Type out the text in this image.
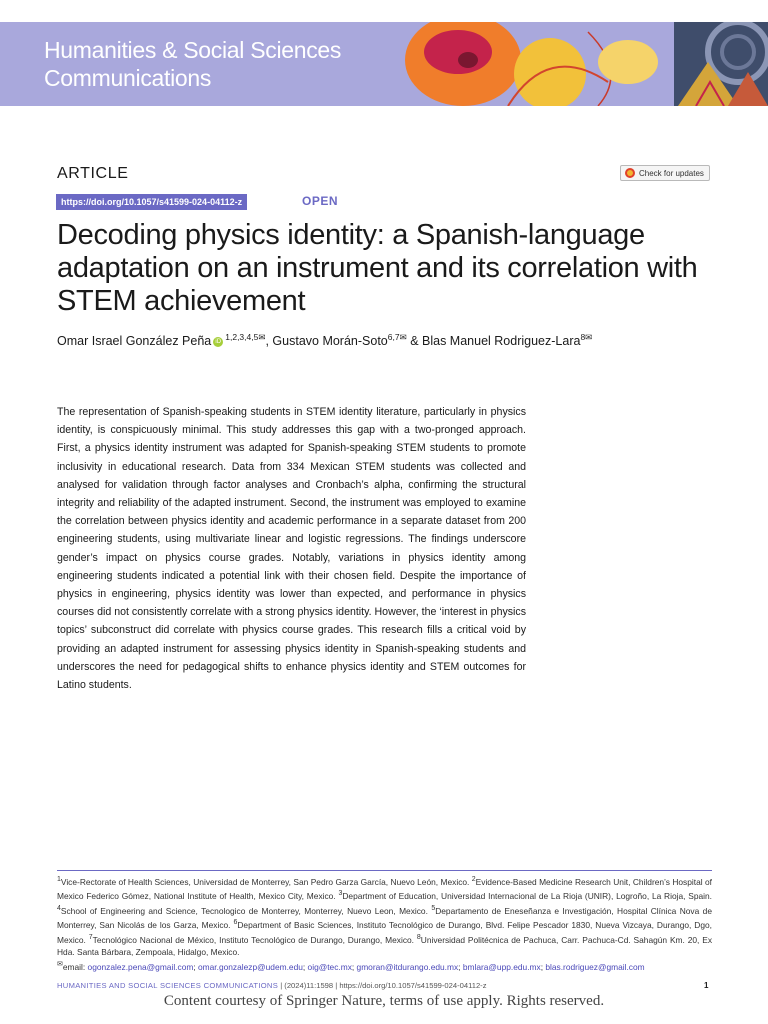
Humanities & Social Sciences
Communications
ARTICLE	Check for updates
https://doi.org/10.1057/s41599-024-04112-z	OPEN
Decoding physics identity: a Spanish-language adaptation on an instrument and its correlation with STEM achievement
Omar Israel González Peña iD $^{1,2,3,4,5✉}$, Gustavo Morán-Soto$^{6,7✉}$ & Blas Manuel Rodriguez-Lara$^{8✉}$
The representation of Spanish-speaking students in STEM identity literature, particularly in physics identity, is conspicuously minimal. This study addresses this gap with a two-pronged approach. First, a physics identity instrument was adapted for Spanish-speaking STEM students to promote inclusivity in educational research. Data from 334 Mexican STEM students was collected and analysed for validation through factor analyses and Cronbach’s alpha, confirming the structural integrity and reliability of the adapted instrument. Second, the instrument was employed to examine the correlation between physics identity and academic performance in a separate dataset from 200 engineering students, using multivariate linear and logistic regressions. The findings underscore gender’s impact on physics course grades. Notably, variations in physics identity among engineering students indicated a potential link with their chosen field. Despite the importance of physics in engineering, physics identity was lower than expected, and performance in physics courses did not consistently correlate with a strong physics identity. However, the ‘interest in physics topics’ subconstruct did correlate with physics course grades. This research fills a critical void by providing an adapted instrument for assessing physics identity in Spanish-speaking students and underscores the need for pedagogical shifts to enhance physics identity and STEM outcomes for Latino students.
$^1$Vice-Rectorate of Health Sciences, Universidad de Monterrey, San Pedro Garza García, Nuevo León, Mexico. $^2$Evidence-Based Medicine Research Unit, Children’s Hospital of Mexico Federico Gómez, National Institute of Health, Mexico City, Mexico. $^3$Department of Education, Universidad Internacional de La Rioja (UNIR), Logroño, La Rioja, Spain. $^4$School of Engineering and Science, Tecnologico de Monterrey, Monterrey, Nuevo Leon, Mexico. $^5$Departamento de Eneseñanza e Investigación, Hospital Clínica Nova de Monterrey, San Nicolás de los Garza, Mexico. $^6$Department of Basic Sciences, Instituto Tecnológico de Durango, Blvd. Felipe Pescador 1830, Nueva Vizcaya, Durango, Dgo, Mexico. $^7$Tecnológico Nacional de México, Instituto Tecnológico de Durango, Durango, Mexico. $^8$Universidad Politécnica de Pachuca, Carr. Pachuca-Cd. Sahagún Km. 20, Ex Hda. Santa Bárbara, Zempoala, Hidalgo, Mexico.
✉email: ogonzalez.pena@gmail.com; omar.gonzalezp@udem.edu; oig@tec.mx; gmoran@itdurango.edu.mx; bmlara@upp.edu.mx; blas.rodriguez@gmail.com
HUMANITIES AND SOCIAL SCIENCES COMMUNICATIONS | (2024)11:1598 | https://doi.org/10.1057/s41599-024-04112-z	1
Content courtesy of Springer Nature, terms of use apply. Rights reserved.
